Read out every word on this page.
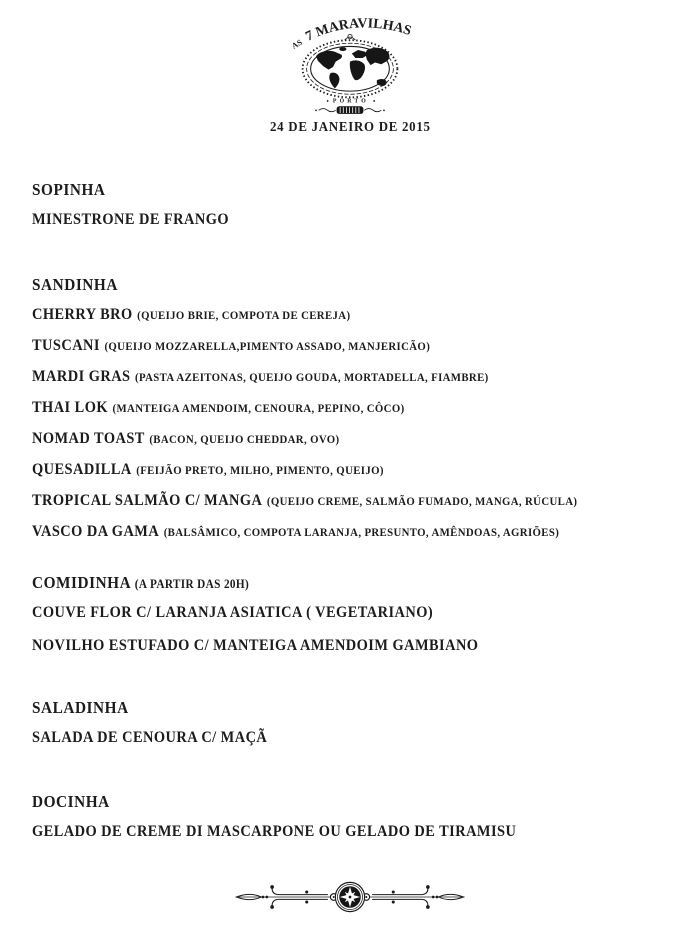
AS 7 MARAVILHAS
PORTO
24 DE JANEIRO DE 2015
SOPINHA

MINESTRONE DE FRANGO

SANDINHA

CHERRY BRO (QUEIJO BRIE, COMPOTA DE CEREJA)

TUSCANI (QUEIJO MOZZARELLA,PIMENTO ASSADO, MANJERICÃO)

MARDI GRAS (PASTA AZEITONAS, QUEIJO GOUDA, MORTADELLA, FIAMBRE)

THAI LOK (MANTEIGA AMENDOIM, CENOURA, PEPINO, CÔCO)

NOMAD TOAST (BACON, QUEIJO CHEDDAR, OVO)

QUESADILLA (FEIJÃO PRETO, MILHO, PIMENTO, QUEIJO)

TROPICAL SALMÃO C/ MANGA (QUEIJO CREME, SALMÃO FUMADO, MANGA, RÚCULA)

VASCO DA GAMA (BALSÂMICO, COMPOTA LARANJA, PRESUNTO, AMÊNDOAS, AGRIÕES)

COMIDINHA (A PARTIR DAS 20H)

COUVE FLOR C/ LARANJA ASIATICA ( VEGETARIANO)

NOVILHO ESTUFADO C/ MANTEIGA AMENDOIM GAMBIANO

SALADINHA

SALADA DE CENOURA C/ MAÇÃ

DOCINHA

GELADO DE CREME DI MASCARPONE OU GELADO DE TIRAMISU
